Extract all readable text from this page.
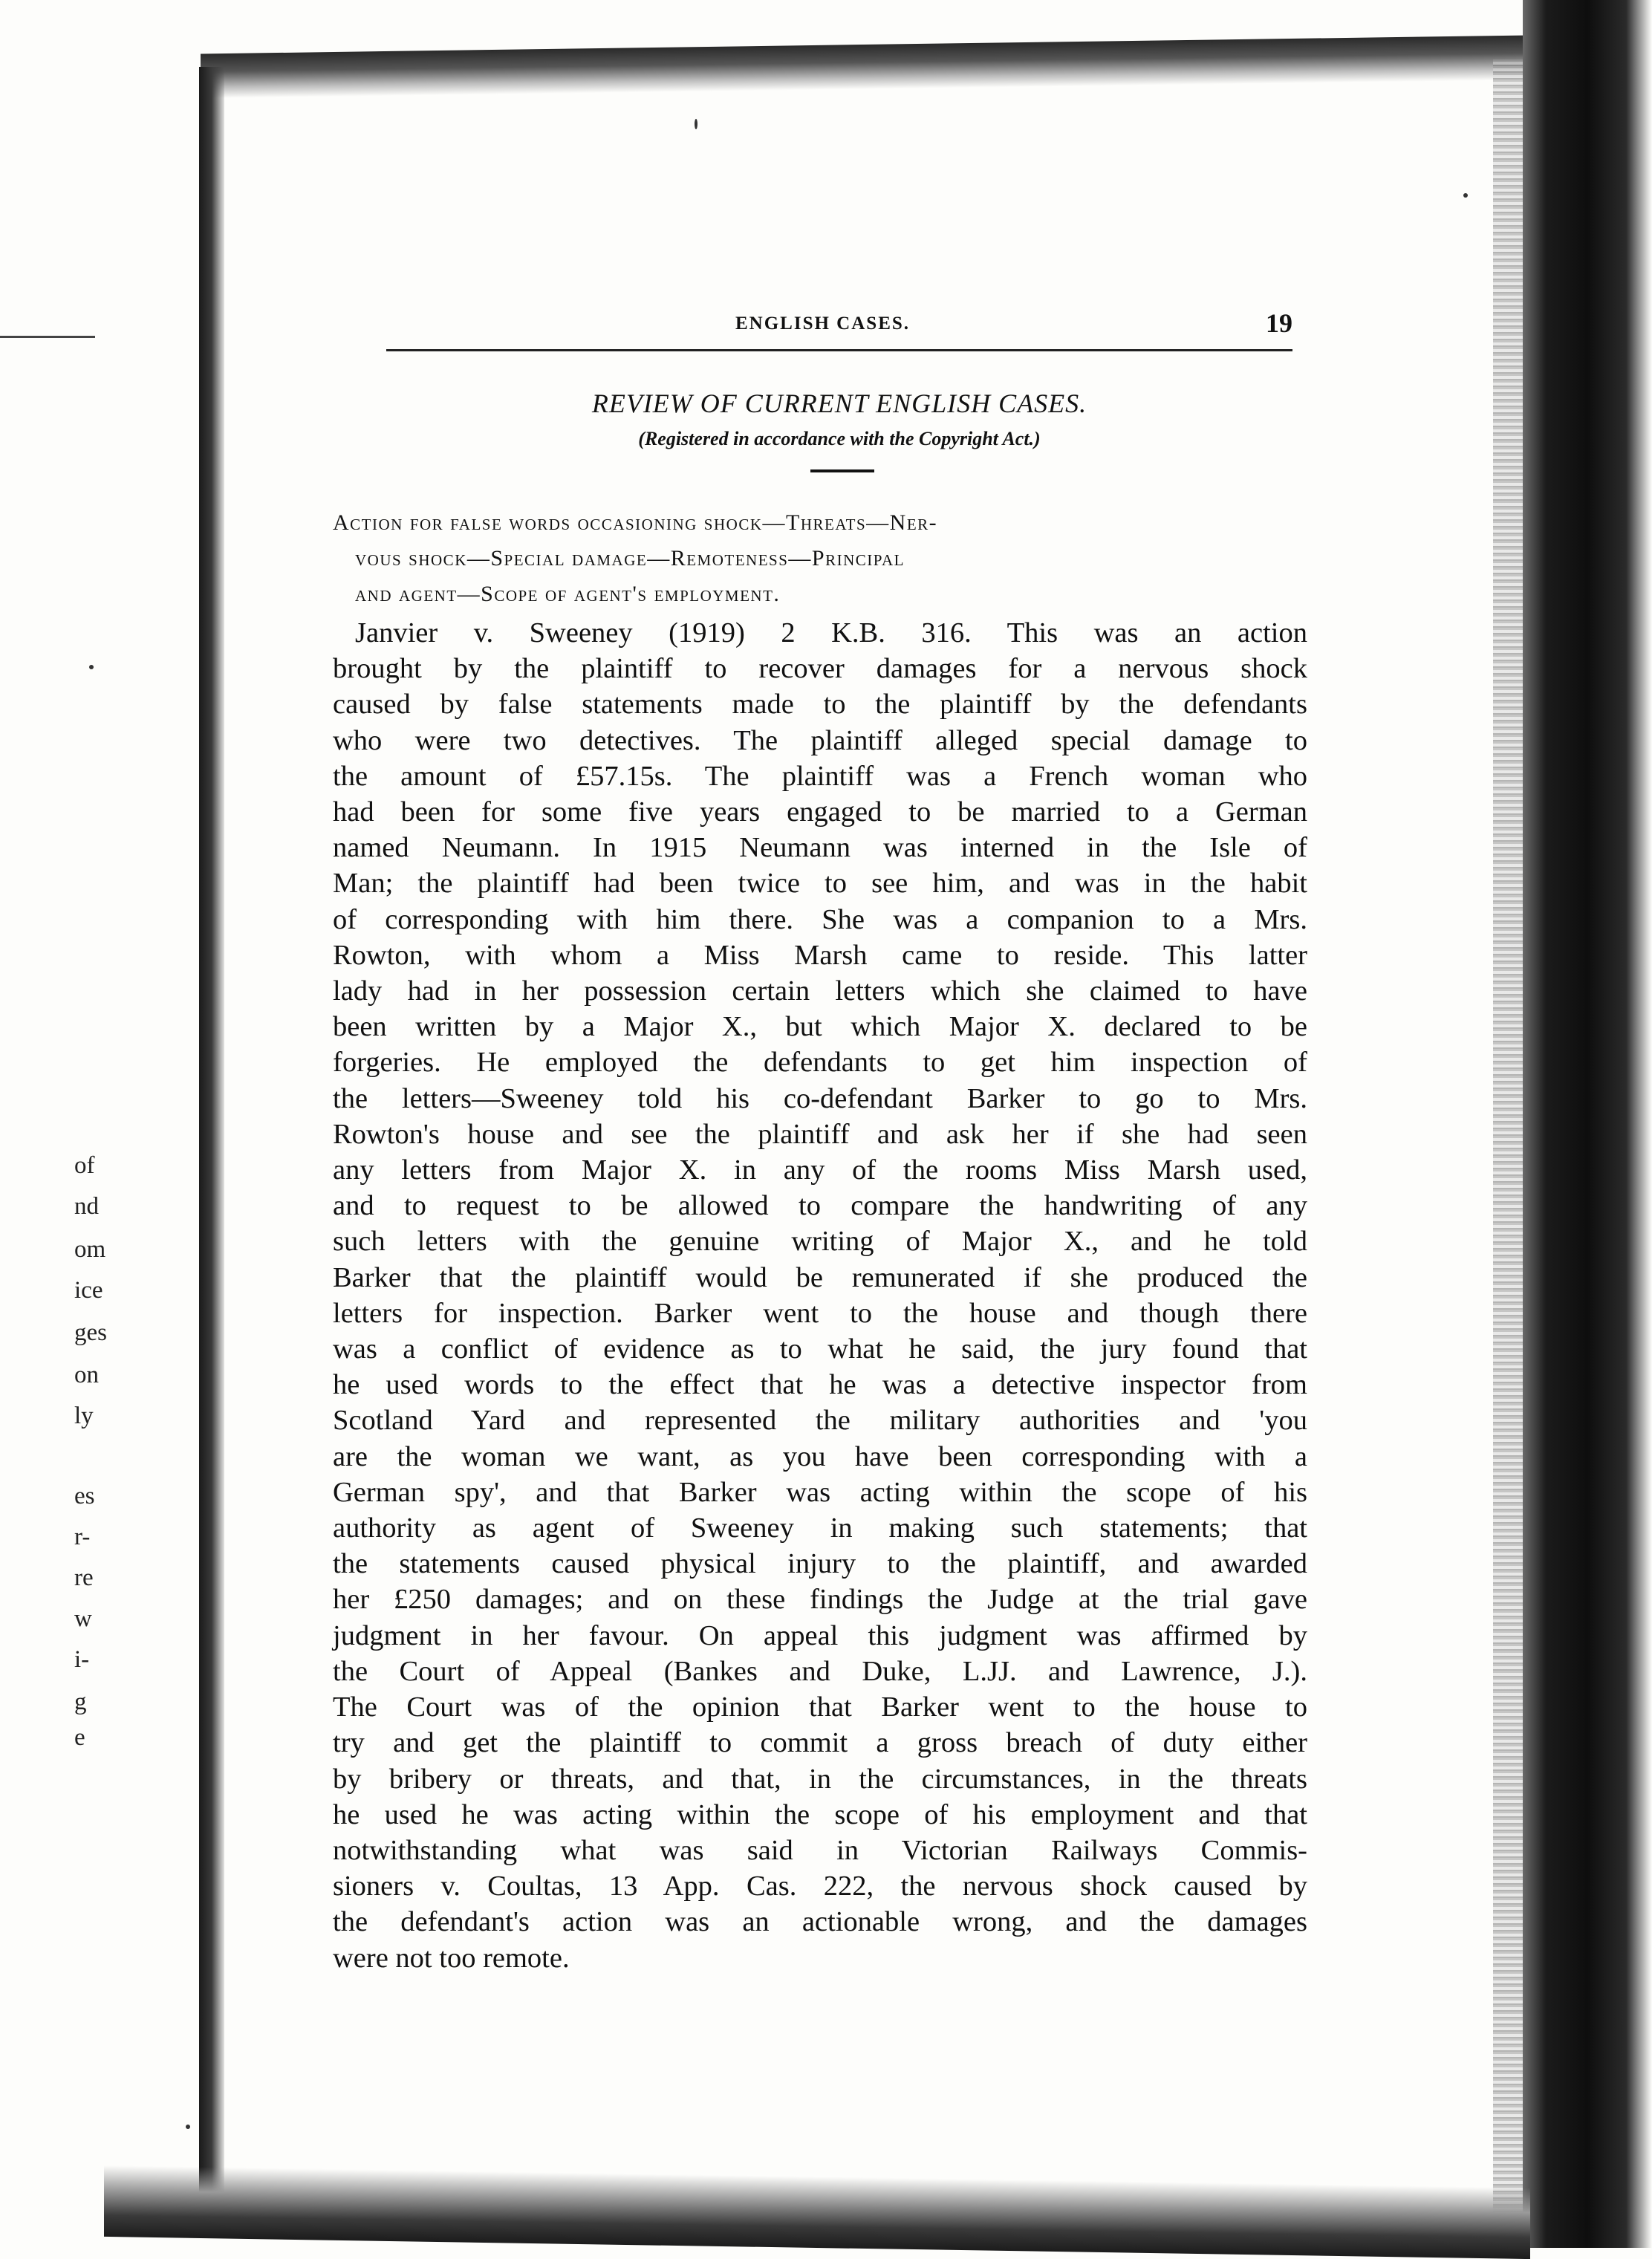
of
nd
om
ice
ges
on
ly
es
r-
re
w
i-
g
e
ENGLISH CASES.	19
REVIEW OF CURRENT ENGLISH CASES.
(Registered in accordance with the Copyright Act.)
Action for false words occasioning shock—Threats—Ner-
vous shock—Special damage—Remoteness—Principal
and agent—Scope of agent's employment.
Janvier v. Sweeney (1919) 2 K.B. 316. This was an action
brought by the plaintiff to recover damages for a nervous shock
caused by false statements made to the plaintiff by the defendants
who were two detectives. The plaintiff alleged special damage to
the amount of £57.15s. The plaintiff was a French woman who
had been for some five years engaged to be married to a German
named Neumann. In 1915 Neumann was interned in the Isle of
Man; the plaintiff had been twice to see him, and was in the habit
of corresponding with him there. She was a companion to a Mrs.
Rowton, with whom a Miss Marsh came to reside. This latter
lady had in her possession certain letters which she claimed to have
been written by a Major X., but which Major X. declared to be
forgeries. He employed the defendants to get him inspection of
the letters—Sweeney told his co-defendant Barker to go to Mrs.
Rowton's house and see the plaintiff and ask her if she had seen
any letters from Major X. in any of the rooms Miss Marsh used,
and to request to be allowed to compare the handwriting of any
such letters with the genuine writing of Major X., and he told
Barker that the plaintiff would be remunerated if she produced the
letters for inspection. Barker went to the house and though there
was a conflict of evidence as to what he said, the jury found that
he used words to the effect that he was a detective inspector from
Scotland Yard and represented the military authorities and 'you
are the woman we want, as you have been corresponding with a
German spy', and that Barker was acting within the scope of his
authority as agent of Sweeney in making such statements; that
the statements caused physical injury to the plaintiff, and awarded
her £250 damages; and on these findings the Judge at the trial gave
judgment in her favour. On appeal this judgment was affirmed by
the Court of Appeal (Bankes and Duke, L.JJ. and Lawrence, J.).
The Court was of the opinion that Barker went to the house to
try and get the plaintiff to commit a gross breach of duty either
by bribery or threats, and that, in the circumstances, in the threats
he used he was acting within the scope of his employment and that
notwithstanding what was said in Victorian Railways Commis-
sioners v. Coultas, 13 App. Cas. 222, the nervous shock caused by
the defendant's action was an actionable wrong, and the damages
were not too remote.
